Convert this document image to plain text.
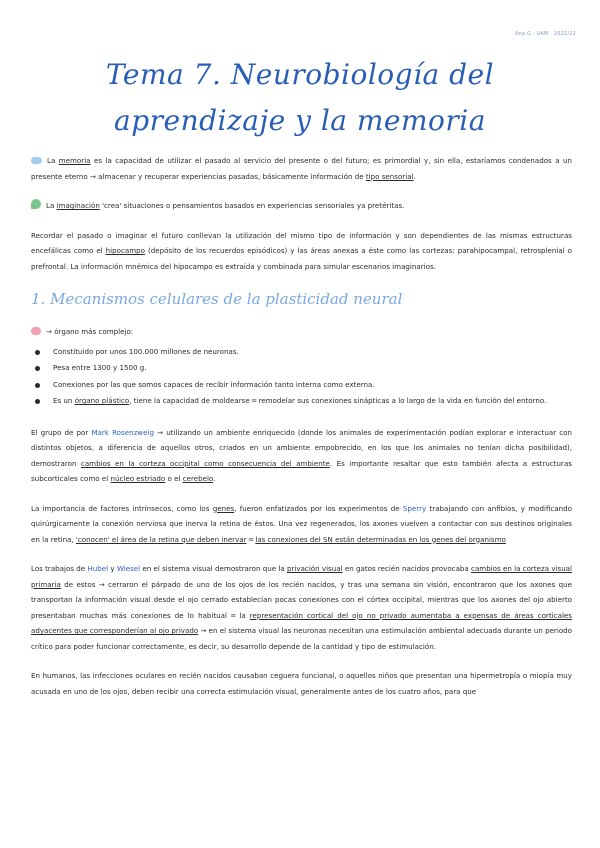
Ana G · UAM · 2021/22
Tema 7. Neurobiología del aprendizaje y la memoria

La memoria es la capacidad de utilizar el pasado al servicio del presente o del futuro; es primordial y, sin ella, estaríamos condenados a un presente eterno → almacenar y recuperar experiencias pasadas, básicamente información de tipo sensorial.

La imaginación 'crea' situaciones o pensamientos basados en experiencias sensoriales ya pretéritas.

Recordar el pasado o imaginar el futuro conllevan la utilización del mismo tipo de información y son dependientes de las mismas estructuras encefálicas como el hipocampo (depósito de los recuerdos episódicos) y las áreas anexas a éste como las cortezas: parahipocampal, retrosplenial o prefrontal. La información mnémica del hipocampo es extraída y combinada para simular escenarios imaginarios.

1. Mecanismos celulares de la plasticidad neural
→ órgano más complejo:
Constituido por unos 100.000 millones de neuronas.
Pesa entre 1300 y 1500 g.
Conexiones por las que somos capaces de recibir información tanto interna como externa.
Es un órgano plástico, tiene la capacidad de moldearse ═ remodelar sus conexiones sinápticas a lo largo de la vida en función del entorno.

El grupo de por Mark Rosenzweig → utilizando un ambiente enriquecido (donde los animales de experimentación podían explorar e interactuar con distintos objetos, a diferencia de aquellos otros, criados en un ambiente empobrecido, en los que los animales no tenían dicha posibilidad), demostraron cambios en la corteza occipital como consecuencia del ambiente. Es importante resaltar que esto también afecta a estructuras subcorticales como el núcleo estriado o el cerebelo.

La importancia de factores intrínsecos, como los genes, fueron enfatizados por los experimentos de Sperry trabajando con anfibios, y modificando quirúrgicamente la conexión nerviosa que inerva la retina de éstos. Una vez regenerados, los axones vuelven a contactar con sus destinos originales en la retina, 'conocen' el área de la retina que deben inervar ═ las conexiones del SN están determinadas en los genes del organismo

Los trabajos de Hubel y Wiesel en el sistema visual demostraron que la privación visual en gatos recién nacidos provocaba cambios en la corteza visual primaria de estos → cerraron el párpado de uno de los ojos de los recién nacidos, y tras una semana sin visión, encontraron que los axones que transportan la información visual desde el ojo cerrado establecían pocas conexiones con el córtex occipital, mientras que los axones del ojo abierto presentaban muchas más conexiones de lo habitual ═ la representación cortical del ojo no privado aumentaba a expensas de áreas corticales adyacentes que corresponderían al ojo privado → en el sistema visual las neuronas necesitan una estimulación ambiental adecuada durante un periodo crítico para poder funcionar correctamente, es decir, su desarrollo depende de la cantidad y tipo de estimulación.

En humanos, las infecciones oculares en recién nacidos causaban ceguera funcional, o aquellos niños que presentan una hipermetropía o miopía muy acusada en uno de los ojos, deben recibir una correcta estimulación visual, generalmente antes de los cuatro años, para que
